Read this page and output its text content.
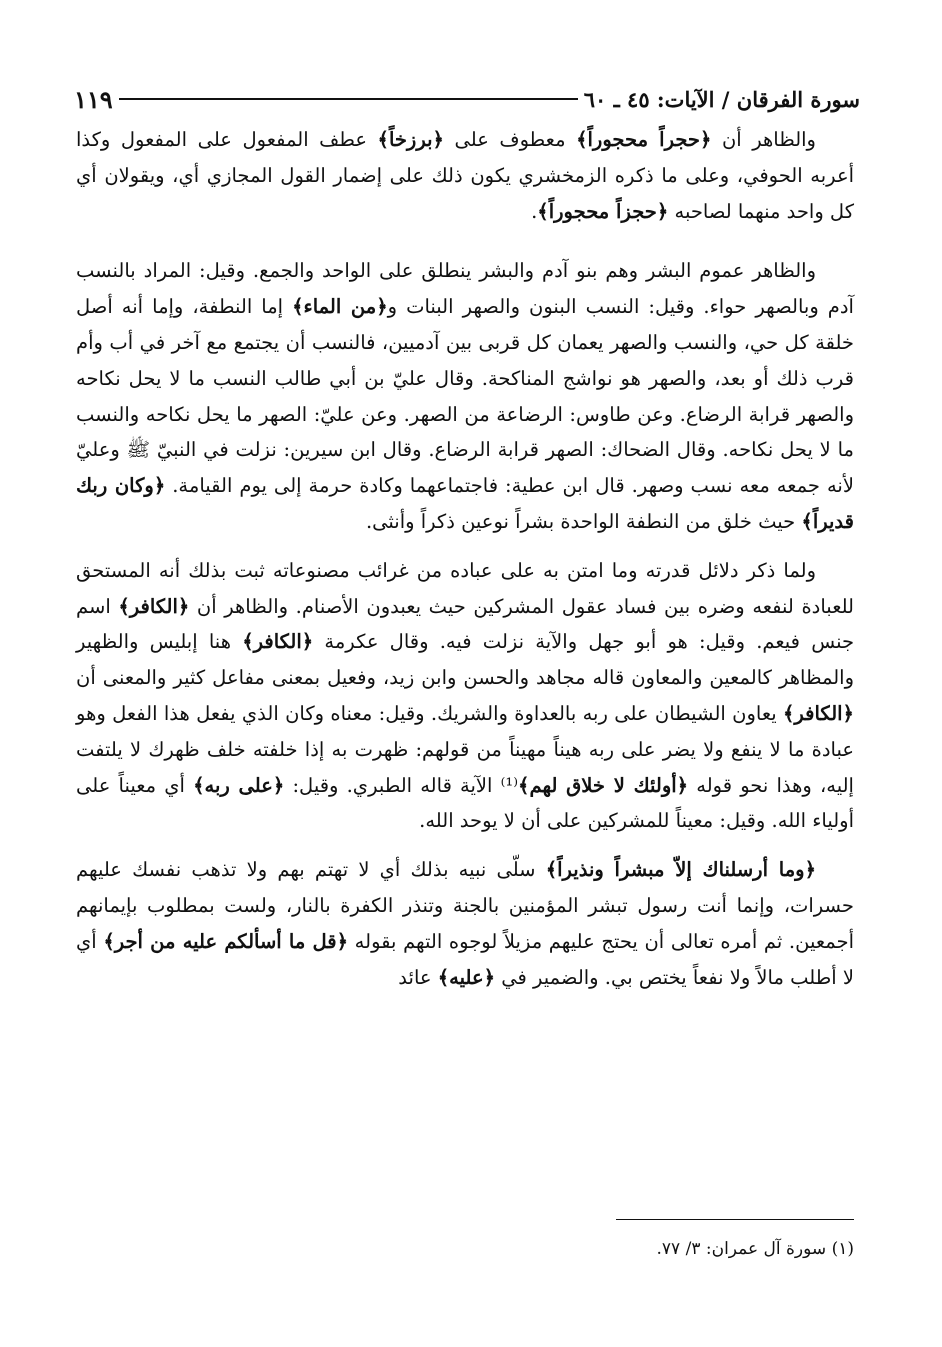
سورة الفرقان / الآيات: ٤٥ ـ ٦٠
١١٩

والظاهر أن ﴿حجراً محجوراً﴾ معطوف على ﴿برزخاً﴾ عطف المفعول على المفعول وكذا أعربه الحوفي، وعلى ما ذكره الزمخشري يكون ذلك على إضمار القول المجازي أي، ويقولان أي كل واحد منهما لصاحبه ﴿حجزاً محجوراً﴾.

والظاهر عموم البشر وهم بنو آدم والبشر ينطلق على الواحد والجمع. وقيل: المراد بالنسب آدم وبالصهر حواء. وقيل: النسب البنون والصهر البنات و﴿من الماء﴾ إما النطفة، وإما أنه أصل خلقة كل حي، والنسب والصهر يعمان كل قربى بين آدميين، فالنسب أن يجتمع مع آخر في أب وأم قرب ذلك أو بعد، والصهر هو نواشج المناكحة. وقال عليّ بن أبي طالب النسب ما لا يحل نكاحه والصهر قرابة الرضاع. وعن طاوس: الرضاعة من الصهر. وعن عليّ: الصهر ما يحل نكاحه والنسب ما لا يحل نكاحه. وقال الضحاك: الصهر قرابة الرضاع. وقال ابن سيرين: نزلت في النبيّ ﷺ وعليّ لأنه جمعه معه نسب وصهر. قال ابن عطية: فاجتماعهما وكادة حرمة إلى يوم القيامة. ﴿وكان ربك قديراً﴾ حيث خلق من النطفة الواحدة بشراً نوعين ذكراً وأنثى.

ولما ذكر دلائل قدرته وما امتن به على عباده من غرائب مصنوعاته ثبت بذلك أنه المستحق للعبادة لنفعه وضره بين فساد عقول المشركين حيث يعبدون الأصنام. والظاهر أن ﴿الكافر﴾ اسم جنس فيعم. وقيل: هو أبو جهل والآية نزلت فيه. وقال عكرمة ﴿الكافر﴾ هنا إبليس والظهير والمظاهر كالمعين والمعاون قاله مجاهد والحسن وابن زيد، وفعيل بمعنى مفاعل كثير والمعنى أن ﴿الكافر﴾ يعاون الشيطان على ربه بالعداوة والشريك. وقيل: معناه وكان الذي يفعل هذا الفعل وهو عبادة ما لا ينفع ولا يضر على ربه هيناً مهيناً من قولهم: ظهرت به إذا خلفته خلف ظهرك لا يلتفت إليه، وهذا نحو قوله ﴿أولئك لا خلاق لهم﴾⁽¹⁾ الآية قاله الطبري. وقيل: ﴿على ربه﴾ أي معيناً على أولياء الله. وقيل: معيناً للمشركين على أن لا يوحد الله.

﴿وما أرسلناك إلاّ مبشراً ونذيراً﴾ سلّى نبيه بذلك أي لا تهتم بهم ولا تذهب نفسك عليهم حسرات، وإنما أنت رسول تبشر المؤمنين بالجنة وتنذر الكفرة بالنار، ولست بمطلوب بإيمانهم أجمعين. ثم أمره تعالى أن يحتج عليهم مزيلاً لوجوه التهم بقوله ﴿قل ما أسألكم عليه من أجر﴾ أي لا أطلب مالاً ولا نفعاً يختص بي. والضمير في ﴿عليه﴾ عائد

(١) سورة آل عمران: ٣/ ٧٧.
